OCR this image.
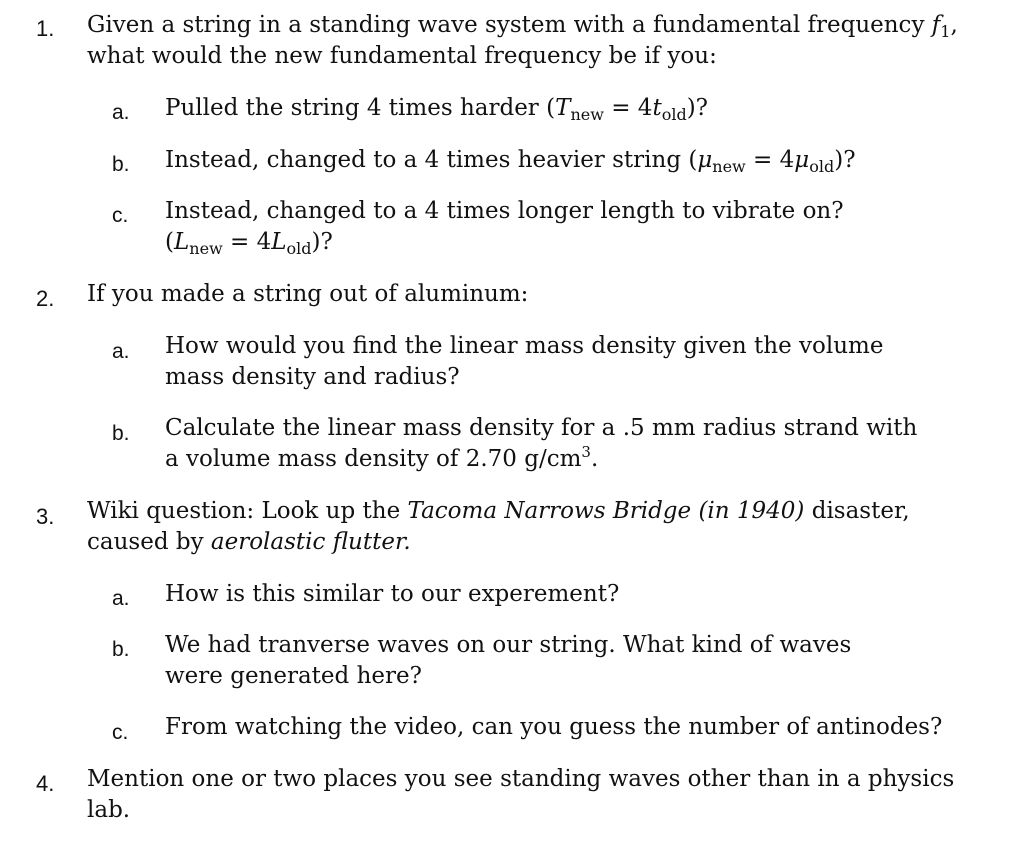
1. Given a string in a standing wave system with a fundamental frequency $f_1$, what would the new fundamental frequency be if you:
a. Pulled the string 4 times harder $(T_{new} = 4t_{old})$?
b. Instead, changed to a 4 times heavier string $(\mu_{new} = 4\mu_{old})$?
c. Instead, changed to a 4 times longer length to vibrate on? $(L_{new} = 4L_{old})$?
2. If you made a string out of aluminum:
a. How would you find the linear mass density given the volume mass density and radius?
b. Calculate the linear mass density for a .5 mm radius strand with a volume mass density of 2.70 $g/cm^3$.
3. Wiki question: Look up the Tacoma Narrows Bridge (in 1940) disaster, caused by aerolastic flutter.
a. How is this similar to our experement?
b. We had tranverse waves on our string. What kind of waves were generated here?
c. From watching the video, can you guess the number of antinodes?
4. Mention one or two places you see standing waves other than in a physics lab.
